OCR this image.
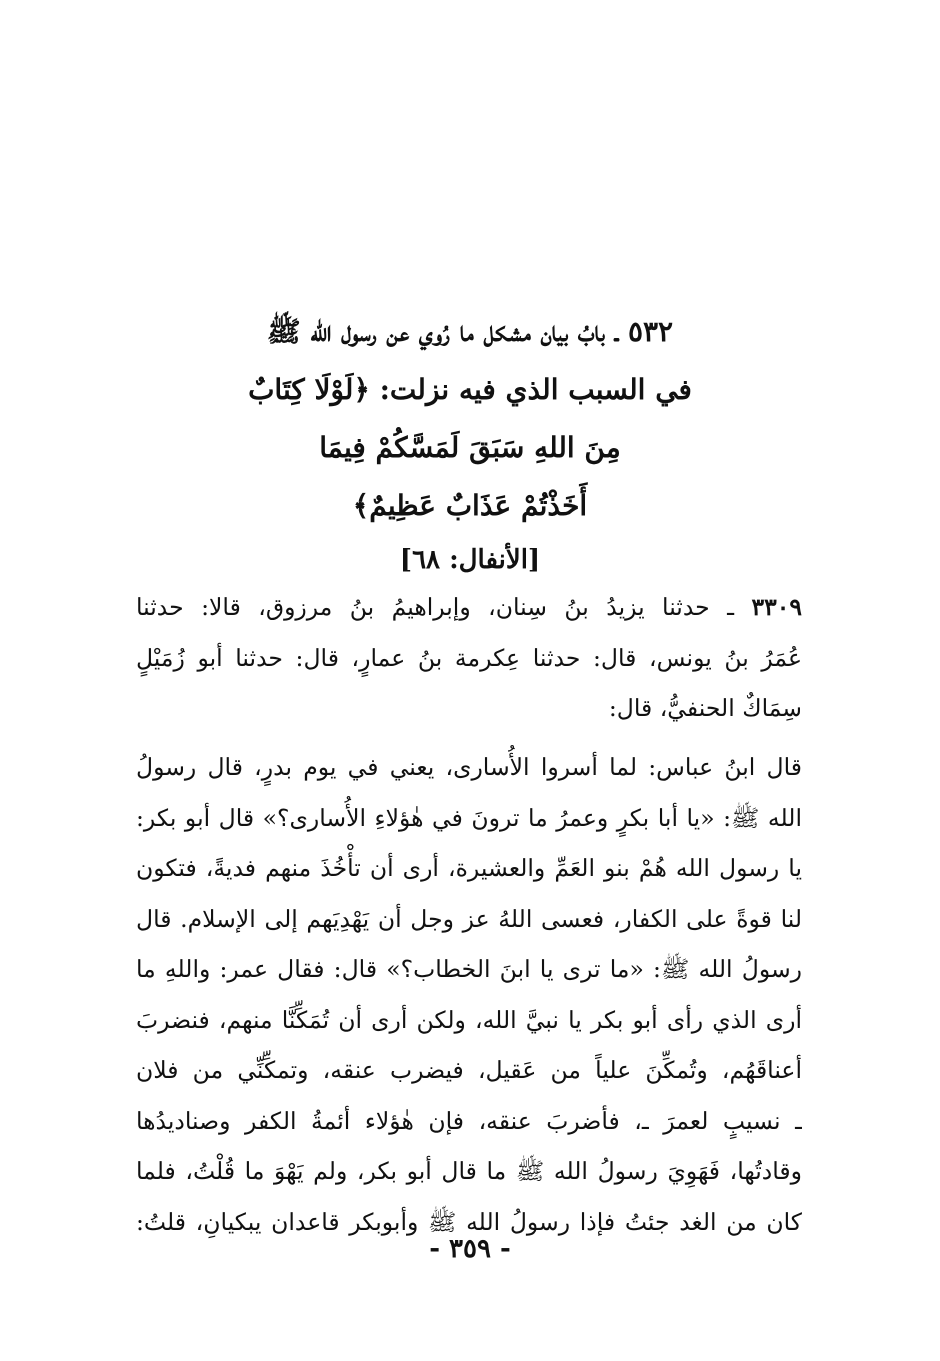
٥٣٢ ـ بابُ بيان مشكل ما رُوي عن رسول الله ﷺ
في السبب الذي فيه نزلت: ﴿لَوْلَا كِتَابٌ
مِنَ اللهِ سَبَقَ لَمَسَّكُمْ فِيمَا
أَخَذْتُمْ عَذَابٌ عَظِيمٌ﴾
[الأنفال: ٦٨]
٣٣٠٩ ـ حدثنا يزيدُ بنُ سِنان، وإبراهيمُ بنُ مرزوق، قالا: حدثنا
عُمَرُ بنُ يونس، قال: حدثنا عِكرمة بنُ عمارٍ، قال: حدثنا أبو زُمَيْلٍ
سِمَاكٌ الحنفيُّ، قال:
قال ابنُ عباس: لما أسروا الأُسارى، يعني في يوم بدرٍ، قال رسولُ
الله ﷺ: «يا أبا بكرٍ وعمرُ ما ترونَ في هٰؤلاءِ الأُسارى؟» قال أبو بكر:
يا رسول الله هُمْ بنو العَمِّ والعشيرة، أرى أن تأْخُذَ منهم فديةً، فتكون
لنا قوةً على الكفار، فعسى اللهُ عز وجل أن يَهْدِيَهم إلى الإسلام. قال
رسولُ الله ﷺ: «ما ترى يا ابنَ الخطاب؟» قال: فقال عمر: واللهِ ما
أرى الذي رأى أبو بكر يا نبيَّ الله، ولكن أرى أن تُمَكِّنَّا منهم، فنضربَ
أعناقَهُم، وتُمكِّنَ علياً من عَقيل، فيضرب عنقه، وتمكِّنِّي من فلان
ـ نسيبٍ لعمرَ ـ، فأضربَ عنقه، فإن هٰؤلاء أئمةُ الكفر وصناديدُها
وقادتُها، فَهَوِيَ رسولُ الله ﷺ ما قال أبو بكر، ولم يَهْوَ ما قُلْتُ، فلما
كان من الغد جئتُ فإذا رسولُ الله ﷺ وأبوبكر قاعدان يبكيانِ، قلتُ:
- ٣٥٩ -
